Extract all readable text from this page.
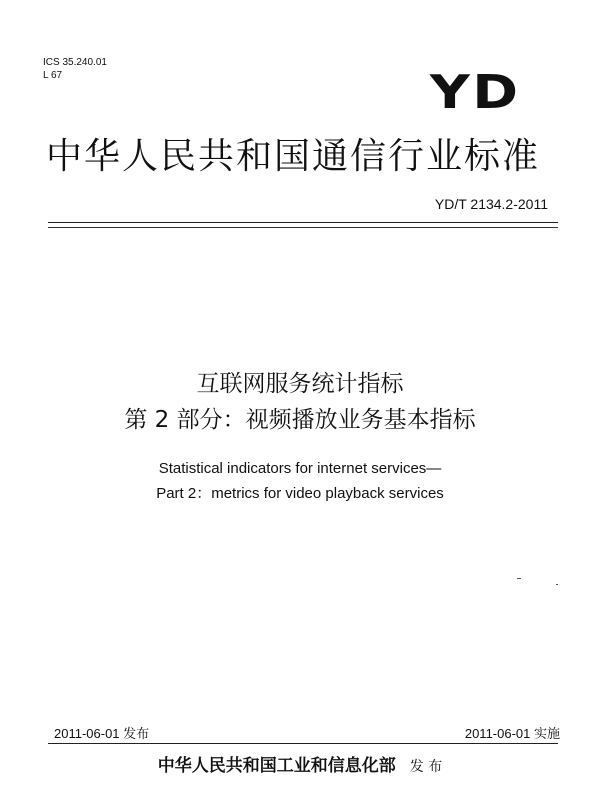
ICS 35.240.01
L 67	YD
中华人民共和国通信行业标准
YD/T 2134.2-2011
互联网服务统计指标
第 2 部分：视频播放业务基本指标
Statistical indicators for internet services—
Part 2：metrics for video playback services
2011-06-01 发布	2011-06-01 实施
中华人民共和国工业和信息化部 发 布
